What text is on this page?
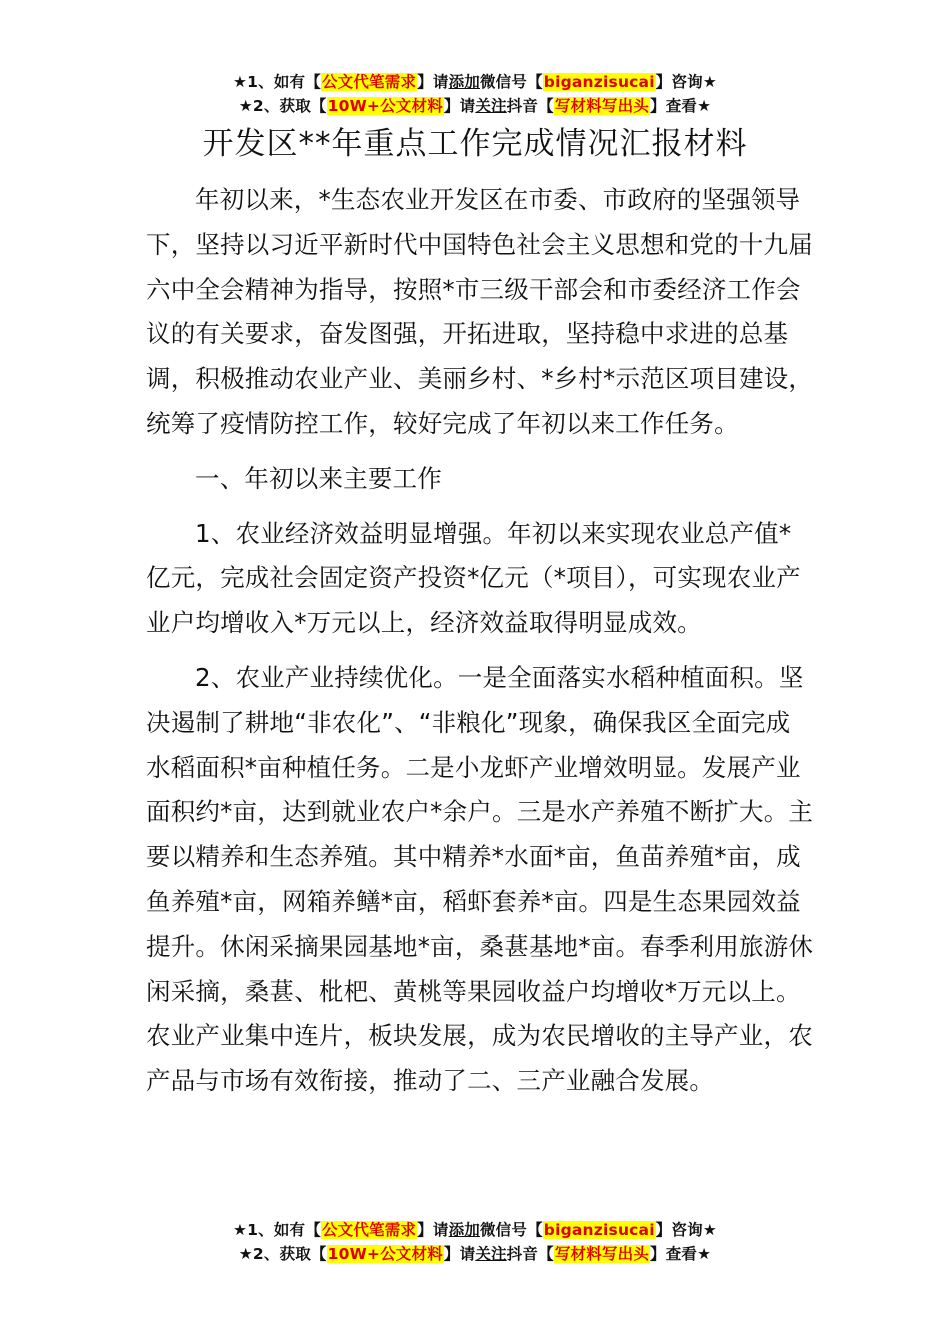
★1、如有【公文代笔需求】请添加微信号【biganzisucai】咨询★
★2、获取【10W+公文材料】请关注抖音【写材料写出头】查看★
开发区**年重点工作完成情况汇报材料

年初以来，*生态农业开发区在市委、市政府的坚强领导下，坚持以习近平新时代中国特色社会主义思想和党的十九届六中全会精神为指导，按照*市三级干部会和市委经济工作会议的有关要求，奋发图强，开拓进取，坚持稳中求进的总基调，积极推动农业产业、美丽乡村、*乡村*示范区项目建设，统筹了疫情防控工作，较好完成了年初以来工作任务。

一、年初以来主要工作

1、农业经济效益明显增强。年初以来实现农业总产值*亿元，完成社会固定资产投资*亿元（*项目），可实现农业产业户均增收入*万元以上，经济效益取得明显成效。

2、农业产业持续优化。一是全面落实水稻种植面积。坚决遏制了耕地“非农化”、“非粮化”现象，确保我区全面完成水稻面积*亩种植任务。二是小龙虾产业增效明显。发展产业面积约*亩，达到就业农户*余户。三是水产养殖不断扩大。主要以精养和生态养殖。其中精养*水面*亩，鱼苗养殖*亩，成鱼养殖*亩，网箱养鳝*亩，稻虾套养*亩。四是生态果园效益提升。休闲采摘果园基地*亩，桑葚基地*亩。春季利用旅游休闲采摘，桑葚、枇杷、黄桃等果园收益户均增收*万元以上。农业产业集中连片，板块发展，成为农民增收的主导产业，农产品与市场有效衔接，推动了二、三产业融合发展。

★1、如有【公文代笔需求】请添加微信号【biganzisucai】咨询★
★2、获取【10W+公文材料】请关注抖音【写材料写出头】查看★
